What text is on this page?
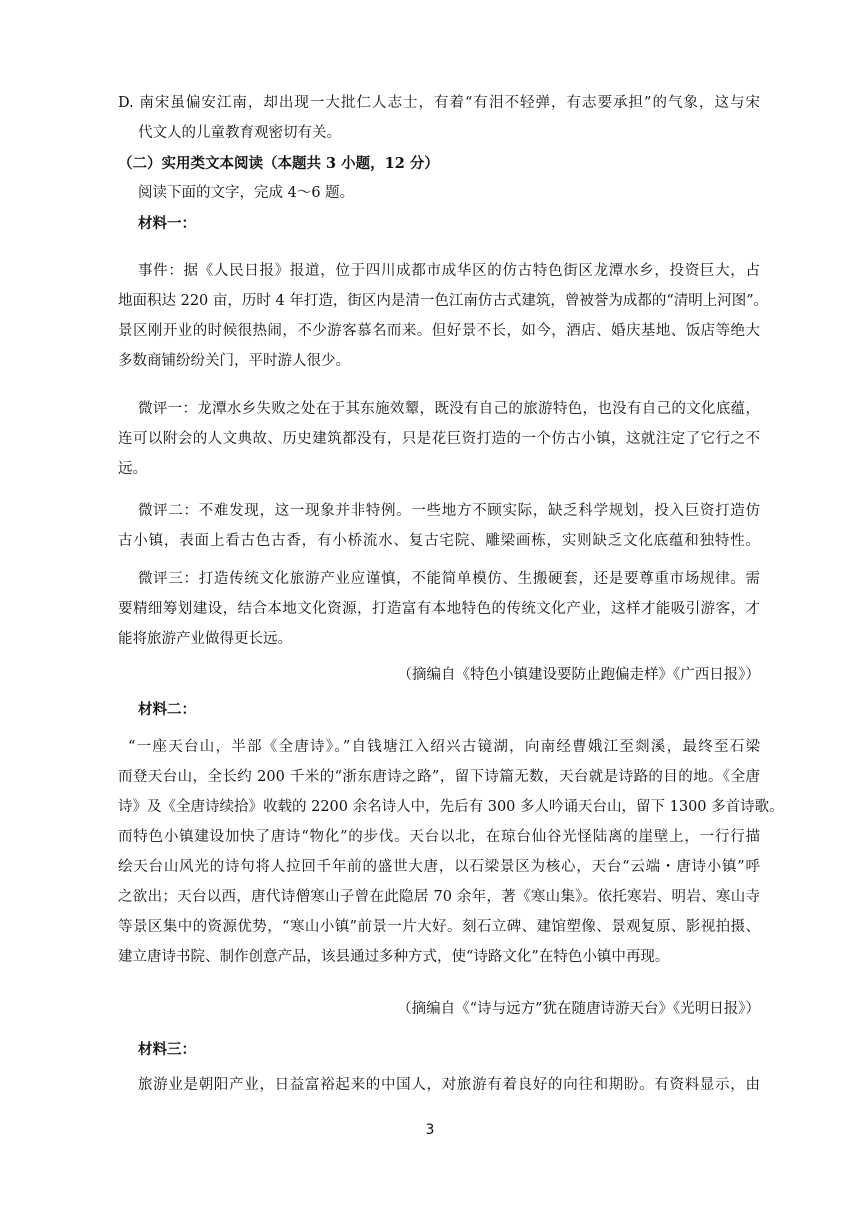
D. 南宋虽偏安江南，却出现一大批仁人志士，有着“有泪不轻弹，有志要承担”的气象，这与宋
代文人的儿童教育观密切有关。
（二）实用类文本阅读（本题共 3 小题，12 分）
阅读下面的文字，完成 4～6 题。
材料一：
事件：据《人民日报》报道，位于四川成都市成华区的仿古特色街区龙潭水乡，投资巨大，占
地面积达 220 亩，历时 4 年打造，街区内是清一色江南仿古式建筑，曾被誉为成都的“清明上河图”。
景区刚开业的时候很热闹，不少游客慕名而来。但好景不长，如今，酒店、婚庆基地、饭店等绝大
多数商铺纷纷关门，平时游人很少。
微评一：龙潭水乡失败之处在于其东施效颦，既没有自己的旅游特色，也没有自己的文化底蕴，
连可以附会的人文典故、历史建筑都没有，只是花巨资打造的一个仿古小镇，这就注定了它行之不
远。
微评二：不难发现，这一现象并非特例。一些地方不顾实际，缺乏科学规划，投入巨资打造仿
古小镇，表面上看古色古香，有小桥流水、复古宅院、雕梁画栋，实则缺乏文化底蕴和独特性。
微评三：打造传统文化旅游产业应谨慎，不能简单模仿、生搬硬套，还是要尊重市场规律。需
要精细筹划建设，结合本地文化资源，打造富有本地特色的传统文化产业，这样才能吸引游客，才
能将旅游产业做得更长远。
材料二：
“一座天台山，半部《全唐诗》。”自钱塘江入绍兴古镜湖，向南经曹娥江至剡溪，最终至石梁
而登天台山，全长约 200 千米的“浙东唐诗之路”，留下诗篇无数，天台就是诗路的目的地。《全唐
诗》及《全唐诗续拾》收载的 2200 余名诗人中，先后有 300 多人吟诵天台山，留下 1300 多首诗歌。
而特色小镇建设加快了唐诗“物化”的步伐。天台以北，在琼台仙谷光怪陆离的崖壁上，一行行描
绘天台山风光的诗句将人拉回千年前的盛世大唐，以石梁景区为核心，天台“云端・唐诗小镇”呼
之欲出；天台以西，唐代诗僧寒山子曾在此隐居 70 余年，著《寒山集》。依托寒岩、明岩、寒山寺
等景区集中的资源优势，“寒山小镇”前景一片大好。刻石立碑、建馆塑像、景观复原、影视拍摄、
建立唐诗书院、制作创意产品，该县通过多种方式，使“诗路文化”在特色小镇中再现。
材料三：
旅游业是朝阳产业，日益富裕起来的中国人，对旅游有着良好的向往和期盼。有资料显示，由
（摘编自《特色小镇建设要防止跑偏走样》《广西日报》）
（摘编自《“诗与远方”犹在随唐诗游天台》《光明日报》）
3
